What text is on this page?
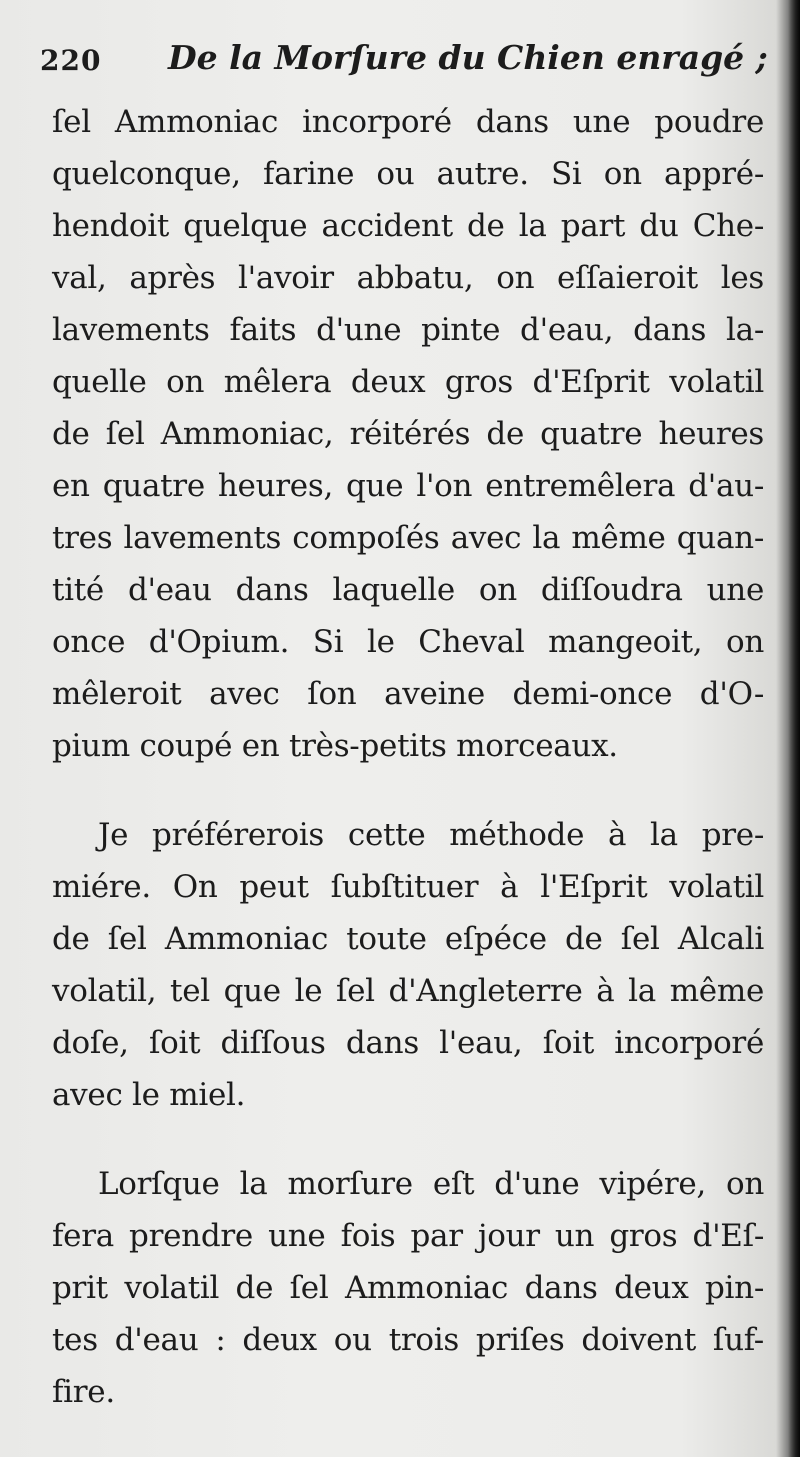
220 De la Morſure du Chien enragé ;
ſel Ammoniac incorporé dans une poudre
quelconque, farine ou autre. Si on appré-
hendoit quelque accident de la part du Che-
val, après l'avoir abbatu, on eſſaieroit les
lavements faits d'une pinte d'eau, dans la-
quelle on mêlera deux gros d'Eſprit volatil
de ſel Ammoniac, réitérés de quatre heures
en quatre heures, que l'on entremêlera d'au-
tres lavements compoſés avec la même quan-
tité d'eau dans laquelle on diſſoudra une
once d'Opium. Si le Cheval mangeoit, on
mêleroit avec ſon aveine demi-once d'O-
pium coupé en très-petits morceaux.
Je préférerois cette méthode à la pre-
miére. On peut ſubſtituer à l'Eſprit volatil
de ſel Ammoniac toute eſpéce de ſel Alcali
volatil, tel que le ſel d'Angleterre à la même
doſe, ſoit diſſous dans l'eau, ſoit incorporé
avec le miel.
Lorſque la morſure eſt d'une vipére, on
fera prendre une fois par jour un gros d'Eſ-
prit volatil de ſel Ammoniac dans deux pin-
tes d'eau : deux ou trois priſes doivent ſuf-
fire.
